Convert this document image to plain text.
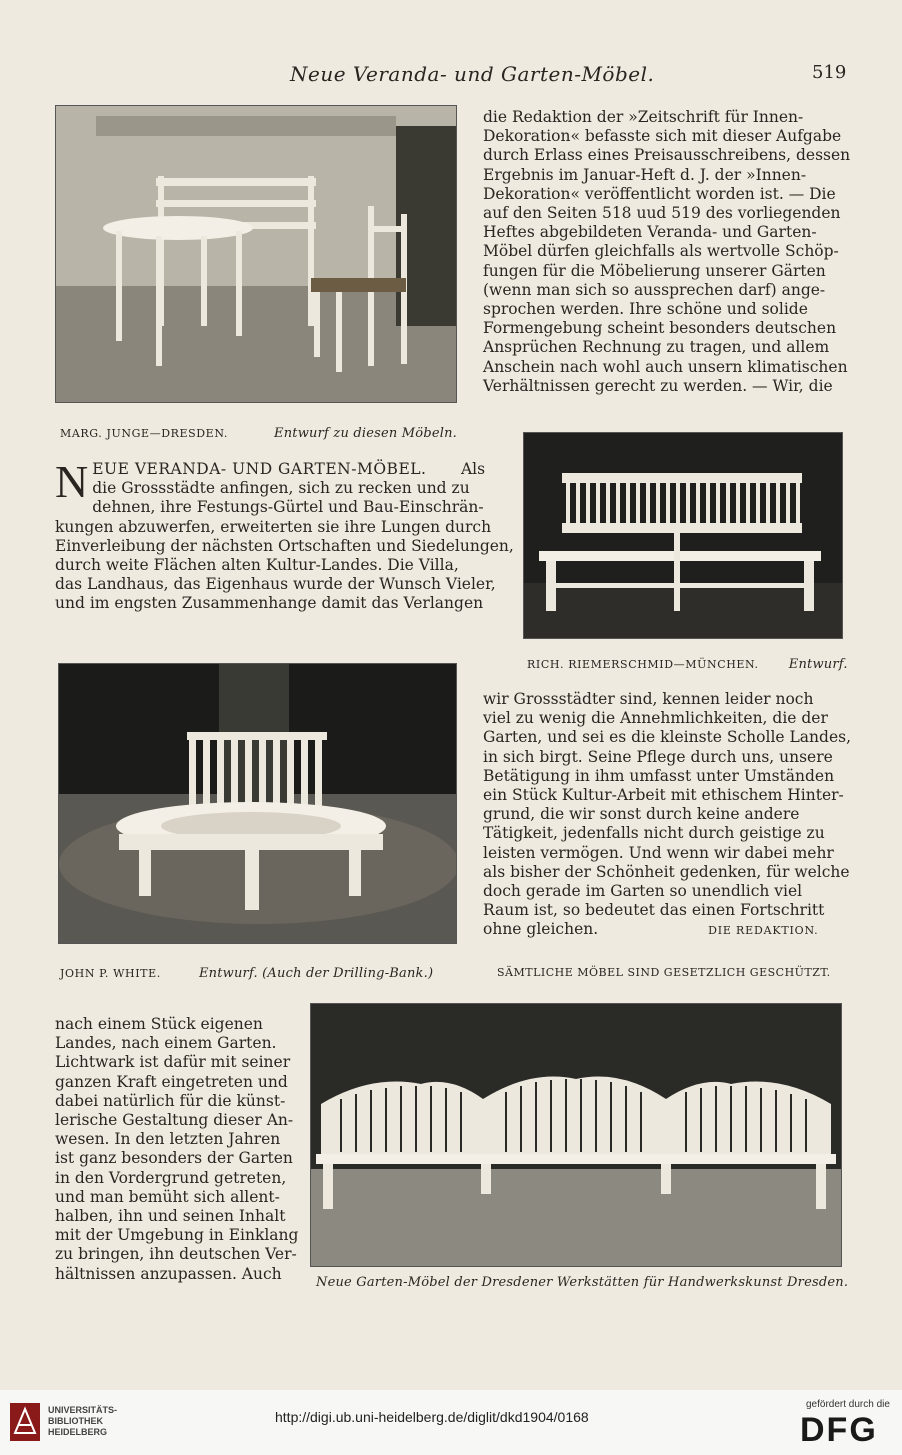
Neue Veranda- und Garten-Möbel.	519
MARG. JUNGE—DRESDEN.	Entwurf zu diesen Möbeln.
die Redaktion der »Zeitschrift für Innen-
Dekoration« befasste sich mit dieser Aufgabe
durch Erlass eines Preisausschreibens, dessen
Ergebnis im Januar-Heft d. J. der »Innen-
Dekoration« veröffentlicht worden ist. — Die
auf den Seiten 518 uud 519 des vorliegenden
Heftes abgebildeten Veranda- und Garten-
Möbel dürfen gleichfalls als wertvolle Schöp-
fungen für die Möbelierung unserer Gärten
(wenn man sich so aussprechen darf) ange-
sprochen werden. Ihre schöne und solide
Formengebung scheint besonders deutschen
Ansprüchen Rechnung zu tragen, und allem
Anschein nach wohl auch unsern klimatischen
Verhältnissen gerecht zu werden. — Wir, die
N EUE VERANDA- UND GARTEN-MÖBEL. Als
die Grossstädte anfingen, sich zu recken und zu
dehnen, ihre Festungs-Gürtel und Bau-Einschrän-
kungen abzuwerfen, erweiterten sie ihre Lungen durch
Einverleibung der nächsten Ortschaften und Siedelungen,
durch weite Flächen alten Kultur-Landes. Die Villa,
das Landhaus, das Eigenhaus wurde der Wunsch Vieler,
und im engsten Zusammenhange damit das Verlangen
RICH. RIEMERSCHMID—MÜNCHEN. Entwurf.
wir Grossstädter sind, kennen leider noch
viel zu wenig die Annehmlichkeiten, die der
Garten, und sei es die kleinste Scholle Landes,
in sich birgt. Seine Pflege durch uns, unsere
Betätigung in ihm umfasst unter Umständen
ein Stück Kultur-Arbeit mit ethischem Hinter-
grund, die wir sonst durch keine andere
Tätigkeit, jedenfalls nicht durch geistige zu
leisten vermögen. Und wenn wir dabei mehr
als bisher der Schönheit gedenken, für welche
doch gerade im Garten so unendlich viel
Raum ist, so bedeutet das einen Fortschritt
ohne gleichen.	DIE REDAKTION.
JOHN P. WHITE.	Entwurf. (Auch der Drilling-Bank.)	SÄMTLICHE MÖBEL SIND GESETZLICH GESCHÜTZT.
nach einem Stück eigenen
Landes, nach einem Garten.
Lichtwark ist dafür mit seiner
ganzen Kraft eingetreten und
dabei natürlich für die künst-
lerische Gestaltung dieser An-
wesen. In den letzten Jahren
ist ganz besonders der Garten
in den Vordergrund getreten,
und man bemüht sich allent-
halben, ihn und seinen Inhalt
mit der Umgebung in Einklang
zu bringen, ihn deutschen Ver-
hältnissen anzupassen. Auch	Neue Garten-Möbel der Dresdener Werkstätten für Handwerkskunst Dresden.
UNIVERSITÄTS-
BIBLIOTHEK
HEIDELBERG
http://digi.ub.uni-heidelberg.de/diglit/dkd1904/0168
gefördert durch die
DFG
